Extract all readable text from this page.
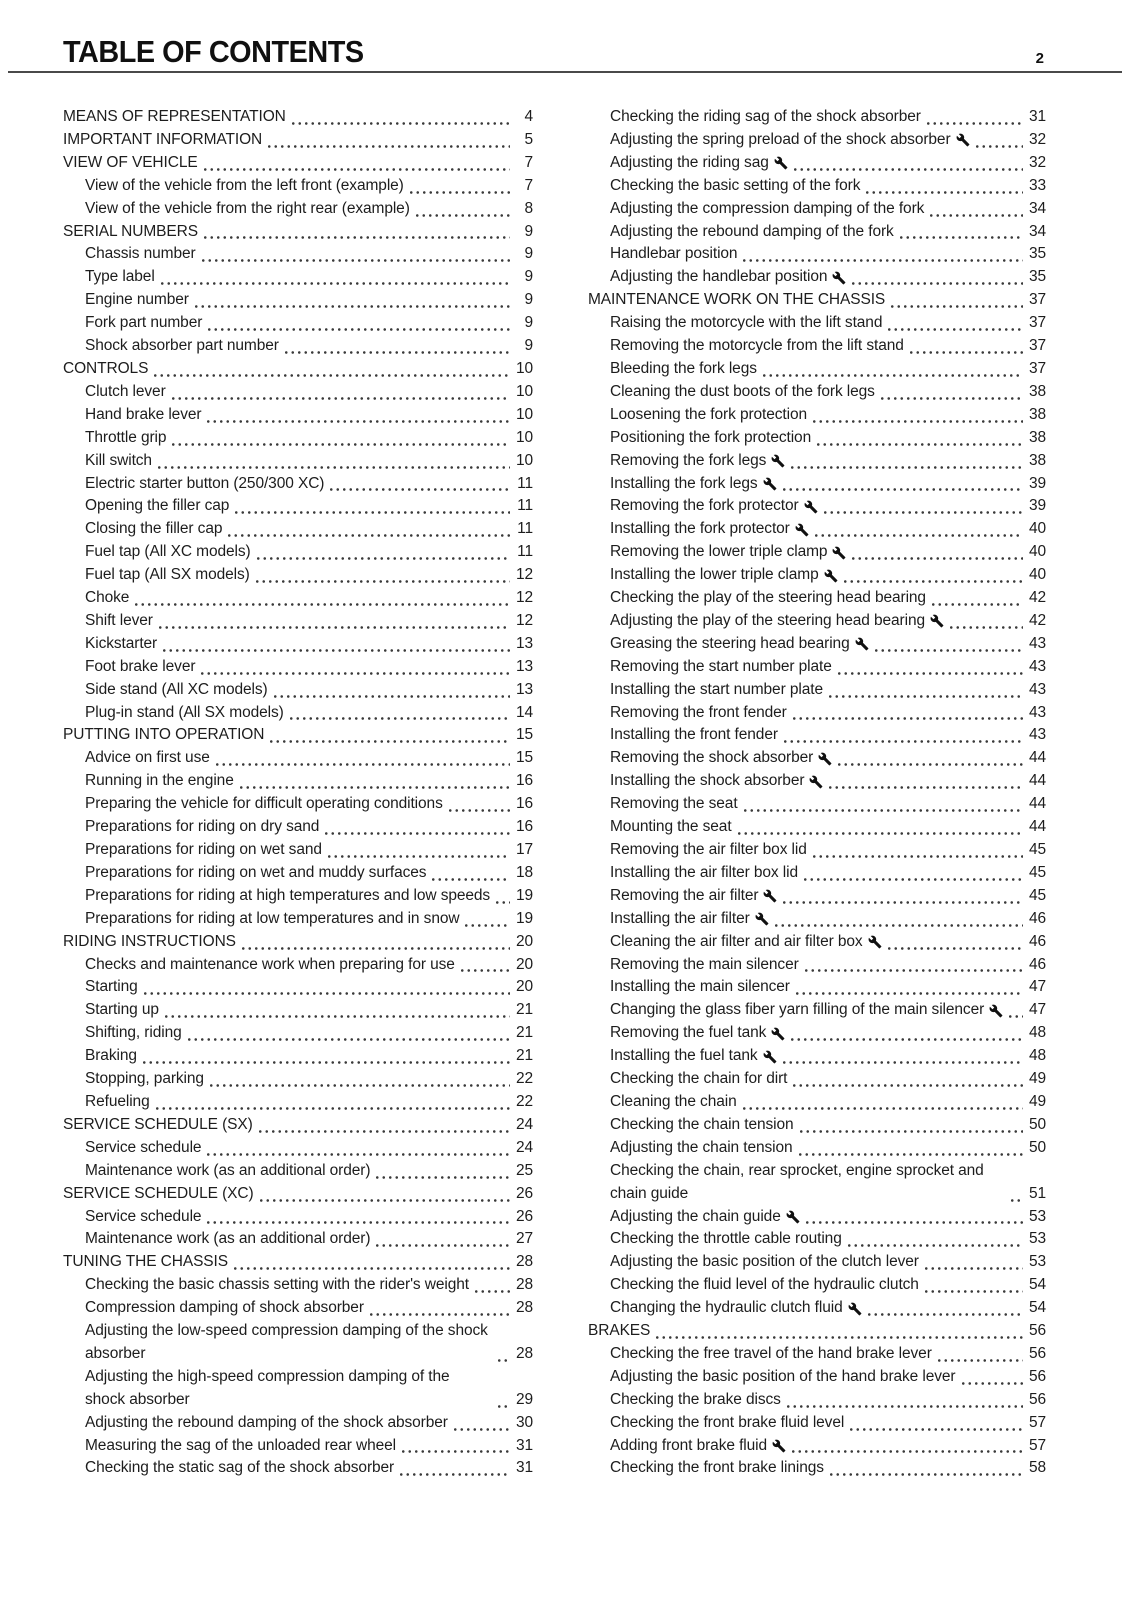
TABLE OF CONTENTS	2
MEANS OF REPRESENTATION	4
IMPORTANT INFORMATION	5
VIEW OF VEHICLE	7
View of the vehicle from the left front (example)	7
View of the vehicle from the right rear (example)	8
SERIAL NUMBERS	9
Chassis number	9
Type label	9
Engine number	9
Fork part number	9
Shock absorber part number	9
CONTROLS	10
Clutch lever	10
Hand brake lever	10
Throttle grip	10
Kill switch	10
Electric starter button (250/300 XC)	11
Opening the filler cap	11
Closing the filler cap	11
Fuel tap (All XC models)	11
Fuel tap (All SX models)	12
Choke	12
Shift lever	12
Kickstarter	13
Foot brake lever	13
Side stand (All XC models)	13
Plug-in stand (All SX models)	14
PUTTING INTO OPERATION	15
Advice on first use	15
Running in the engine	16
Preparing the vehicle for difficult operating conditions	16
Preparations for riding on dry sand	16
Preparations for riding on wet sand	17
Preparations for riding on wet and muddy surfaces	18
Preparations for riding at high temperatures and low speeds 19
Preparations for riding at low temperatures and in snow	19
RIDING INSTRUCTIONS	20
Checks and maintenance work when preparing for use	20
Starting	20
Starting up	21
Shifting, riding	21
Braking	21
Stopping, parking	22
Refueling	22
SERVICE SCHEDULE (SX)	24
Service schedule	24
Maintenance work (as an additional order)	25
SERVICE SCHEDULE (XC)	26
Service schedule	26
Maintenance work (as an additional order)	27
TUNING THE CHASSIS	28
Checking the basic chassis setting with the rider's weight	28
Compression damping of shock absorber	28
Adjusting the low-speed compression damping of the shock absorber	28
Adjusting the high-speed compression damping of the shock absorber	29
Adjusting the rebound damping of the shock absorber	30
Measuring the sag of the unloaded rear wheel	31
Checking the static sag of the shock absorber	31
Checking the riding sag of the shock absorber	31
Adjusting the spring preload of the shock absorber	32
Adjusting the riding sag	32
Checking the basic setting of the fork	33
Adjusting the compression damping of the fork	34
Adjusting the rebound damping of the fork	34
Handlebar position	35
Adjusting the handlebar position	35
MAINTENANCE WORK ON THE CHASSIS	37
Raising the motorcycle with the lift stand	37
Removing the motorcycle from the lift stand	37
Bleeding the fork legs	37
Cleaning the dust boots of the fork legs	38
Loosening the fork protection	38
Positioning the fork protection	38
Removing the fork legs	38
Installing the fork legs	39
Removing the fork protector	39
Installing the fork protector	40
Removing the lower triple clamp	40
Installing the lower triple clamp	40
Checking the play of the steering head bearing	42
Adjusting the play of the steering head bearing	42
Greasing the steering head bearing	43
Removing the start number plate	43
Installing the start number plate	43
Removing the front fender	43
Installing the front fender	43
Removing the shock absorber	44
Installing the shock absorber	44
Removing the seat	44
Mounting the seat	44
Removing the air filter box lid	45
Installing the air filter box lid	45
Removing the air filter	45
Installing the air filter	46
Cleaning the air filter and air filter box	46
Removing the main silencer	46
Installing the main silencer	47
Changing the glass fiber yarn filling of the main silencer	47
Removing the fuel tank	48
Installing the fuel tank	48
Checking the chain for dirt	49
Cleaning the chain	49
Checking the chain tension	50
Adjusting the chain tension	50
Checking the chain, rear sprocket, engine sprocket and chain guide	51
Adjusting the chain guide	53
Checking the throttle cable routing	53
Adjusting the basic position of the clutch lever	53
Checking the fluid level of the hydraulic clutch	54
Changing the hydraulic clutch fluid	54
BRAKES	56
Checking the free travel of the hand brake lever	56
Adjusting the basic position of the hand brake lever	56
Checking the brake discs	56
Checking the front brake fluid level	57
Adding front brake fluid	57
Checking the front brake linings	58
